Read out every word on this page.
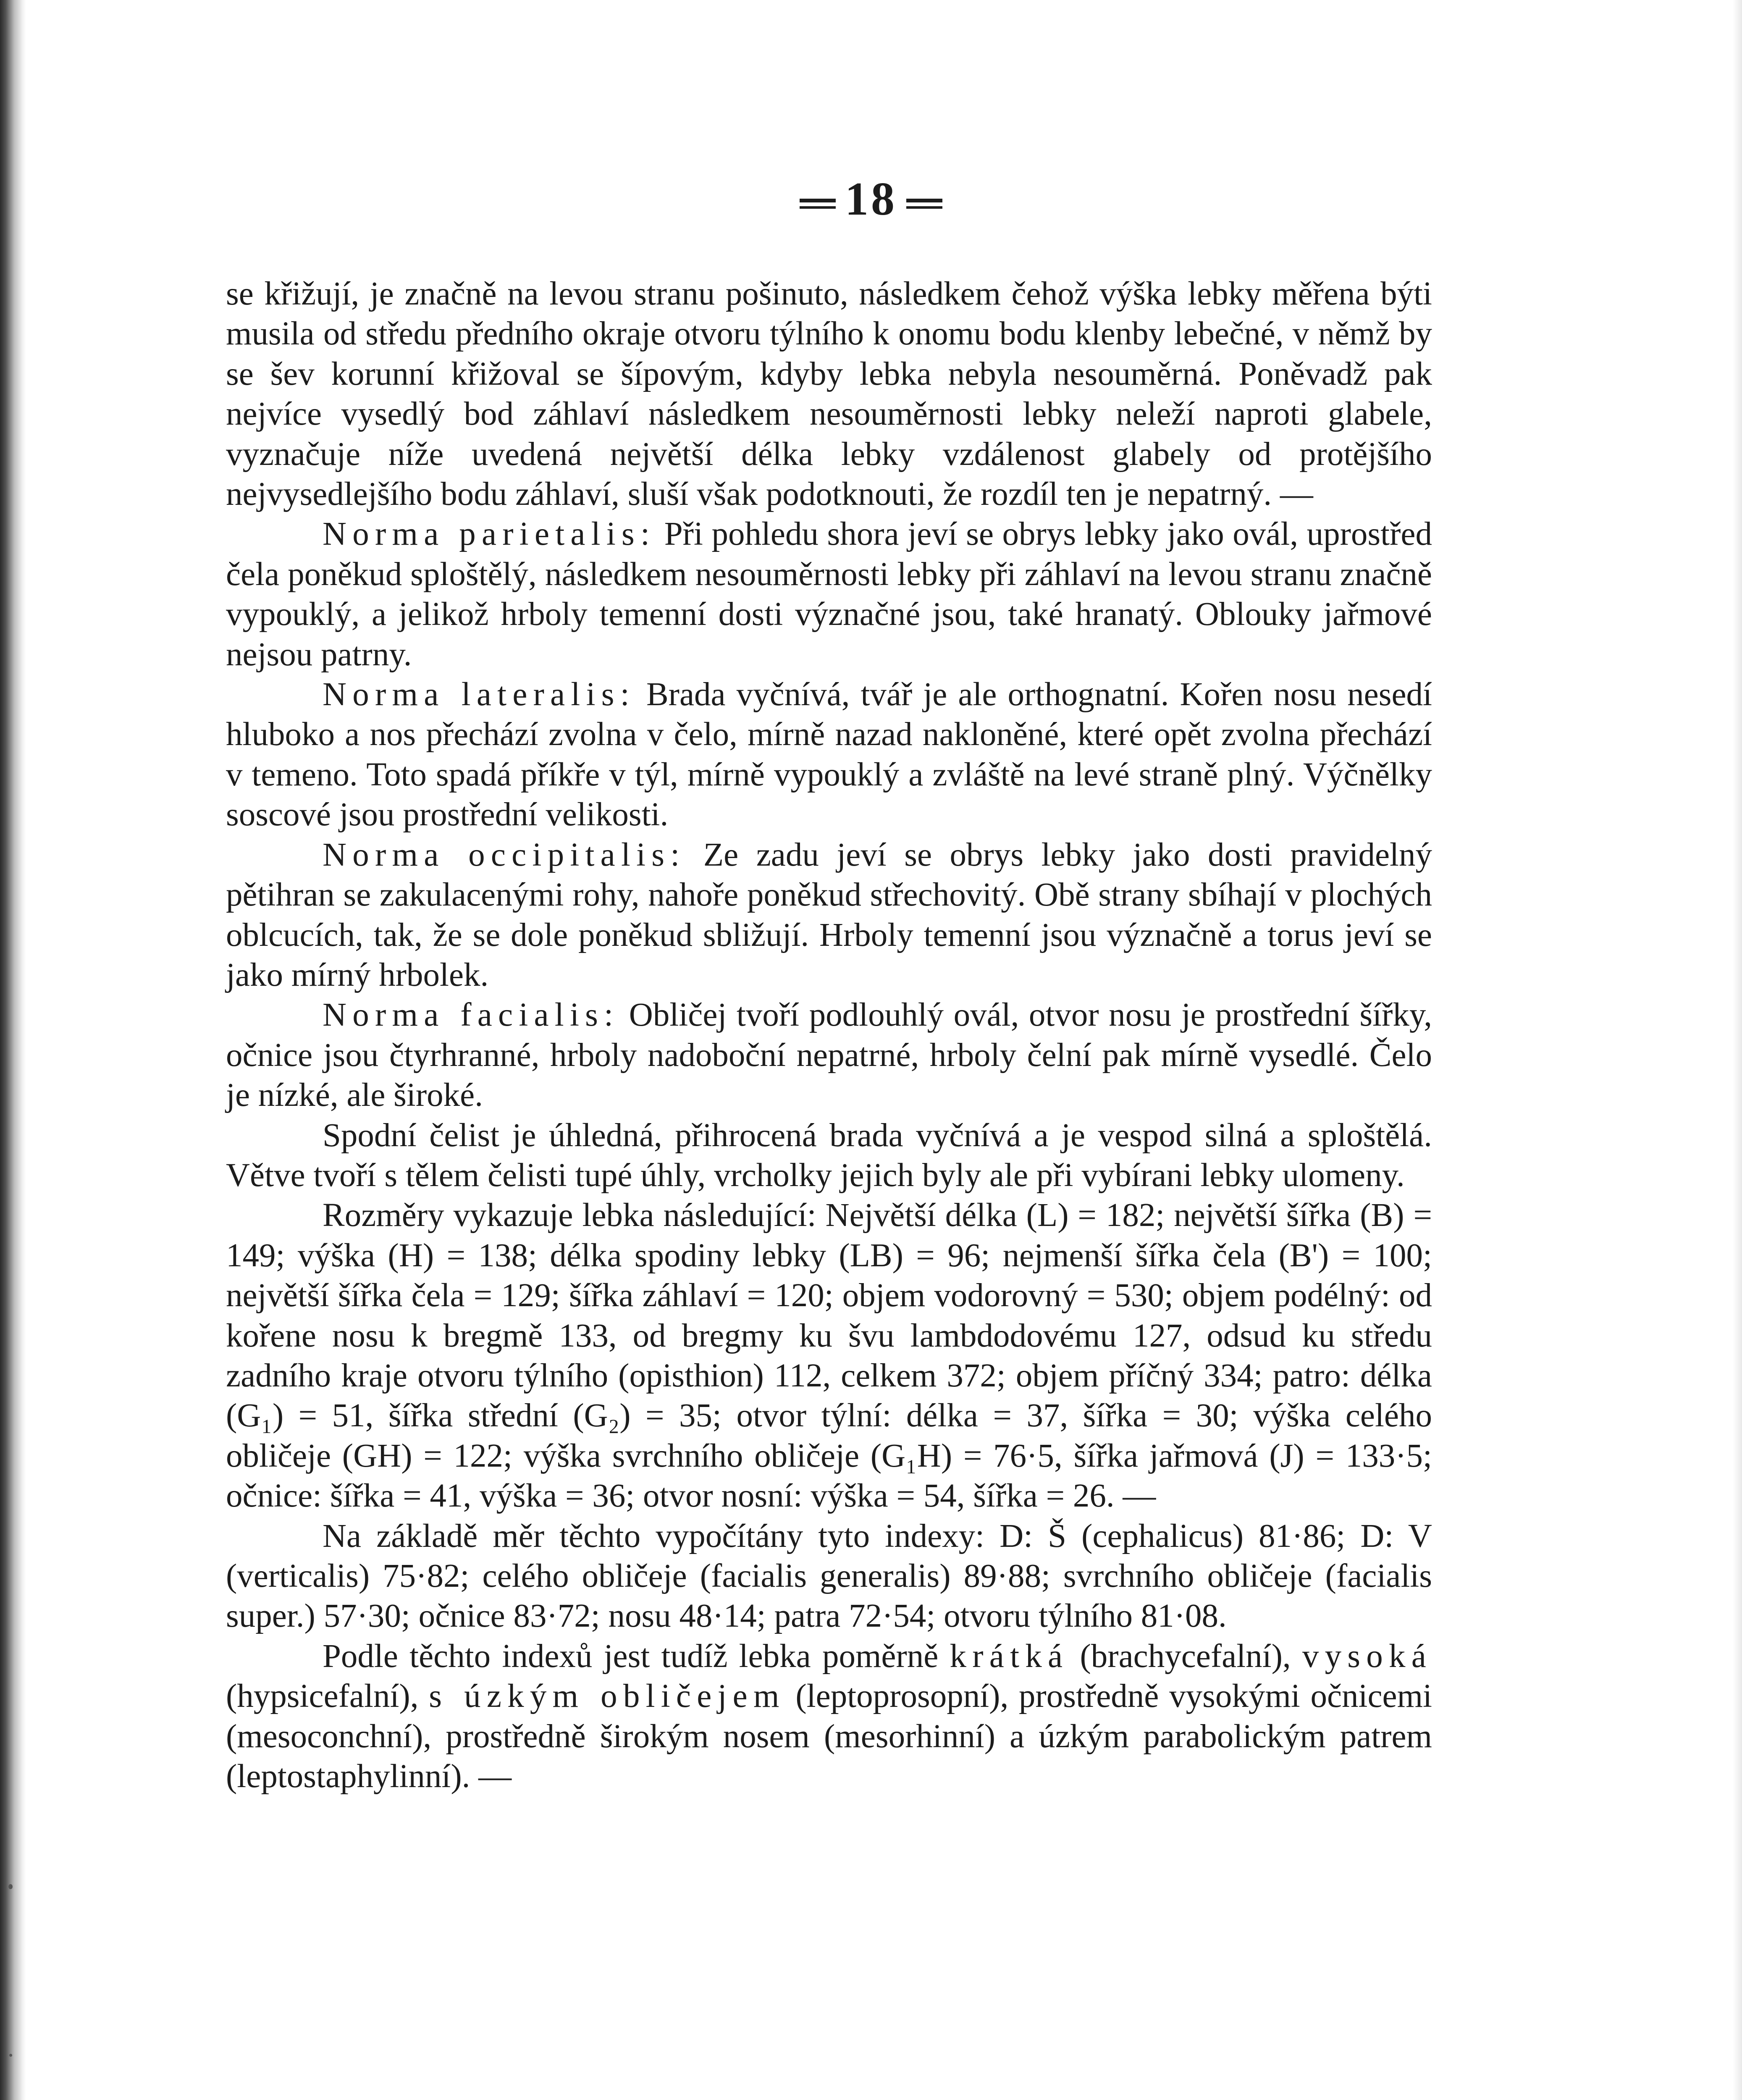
18

se křižují, je značně na levou stranu pošinuto, následkem čehož výška lebky měřena býti musila od středu předního okraje otvoru týlního k onomu bodu klenby lebečné, v němž by se šev korunní křižoval se šípovým, kdyby lebka nebyla nesouměrná. Poněvadž pak nejvíce vysedlý bod záhlaví následkem nesouměrnosti lebky neleží naproti glabele, vyznačuje níže uvedená největší délka lebky vzdálenost glabely od protějšího nejvysedlejšího bodu záhlaví, sluší však podotknouti, že rozdíl ten je nepatrný. —

Norma parietalis: Při pohledu shora jeví se obrys lebky jako ovál, uprostřed čela poněkud sploštělý, následkem nesouměrnosti lebky při záhlaví na levou stranu značně vypouklý, a jelikož hrboly temenní dosti význačné jsou, také hranatý. Oblouky jařmové nejsou patrny.

Norma lateralis: Brada vyčnívá, tvář je ale orthognatní. Kořen nosu nesedí hluboko a nos přechází zvolna v čelo, mírně nazad nakloněné, které opět zvolna přechází v temeno. Toto spadá příkře v týl, mírně vypouklý a zvláště na levé straně plný. Výčnělky soscové jsou prostřední velikosti.

Norma occipitalis: Ze zadu jeví se obrys lebky jako dosti pravidelný pětihran se zakulacenými rohy, nahoře poněkud střechovitý. Obě strany sbíhají v plochých oblcucích, tak, že se dole poněkud sbližují. Hrboly temenní jsou význačně a torus jeví se jako mírný hrbolek.

Norma facialis: Obličej tvoří podlouhlý ovál, otvor nosu je prostřední šířky, očnice jsou čtyrhranné, hrboly nadoboční nepatrné, hrboly čelní pak mírně vysedlé. Čelo je nízké, ale široké.

Spodní čelist je úhledná, přihrocená brada vyčnívá a je vespod silná a sploštělá. Větve tvoří s tělem čelisti tupé úhly, vrcholky jejich byly ale při vybírani lebky ulomeny.

Rozměry vykazuje lebka následující: Největší délka (L) = 182; největší šířka (B) = 149; výška (H) = 138; délka spodiny lebky (LB) = 96; nejmenší šířka čela (B') = 100; největší šířka čela = 129; šířka záhlaví = 120; objem vodorovný = 530; objem podélný: od kořene nosu k bregmě 133, od bregmy ku švu lambdodovému 127, odsud ku středu zadního kraje otvoru týlního (opisthion) 112, celkem 372; objem příčný 334; patro: délka (G₁) = 51, šířka střední (G₂) = 35; otvor týlní: délka = 37, šířka = 30; výška celého obličeje (GH) = 122; výška svrchního obličeje (G₁H) = 76·5, šířka jařmová (J) = 133·5; očnice: šířka = 41, výška = 36; otvor nosní: výška = 54, šířka = 26. —

Na základě měr těchto vypočítány tyto indexy: D: Š (cephalicus) 81·86; D: V (verticalis) 75·82; celého obličeje (facialis generalis) 89·88; svrchního obličeje (facialis super.) 57·30; očnice 83·72; nosu 48·14; patra 72·54; otvoru týlního 81·08.

Podle těchto indexů jest tudíž lebka poměrně krátká (brachycefalní), vysoká (hypsicefalní), s úzkým obličejem (leptoprosopní), prostředně vysokými očnicemi (mesoconchní), prostředně širokým nosem (mesorhinní) a úzkým parabolickým patrem (leptostaphylinní). —
